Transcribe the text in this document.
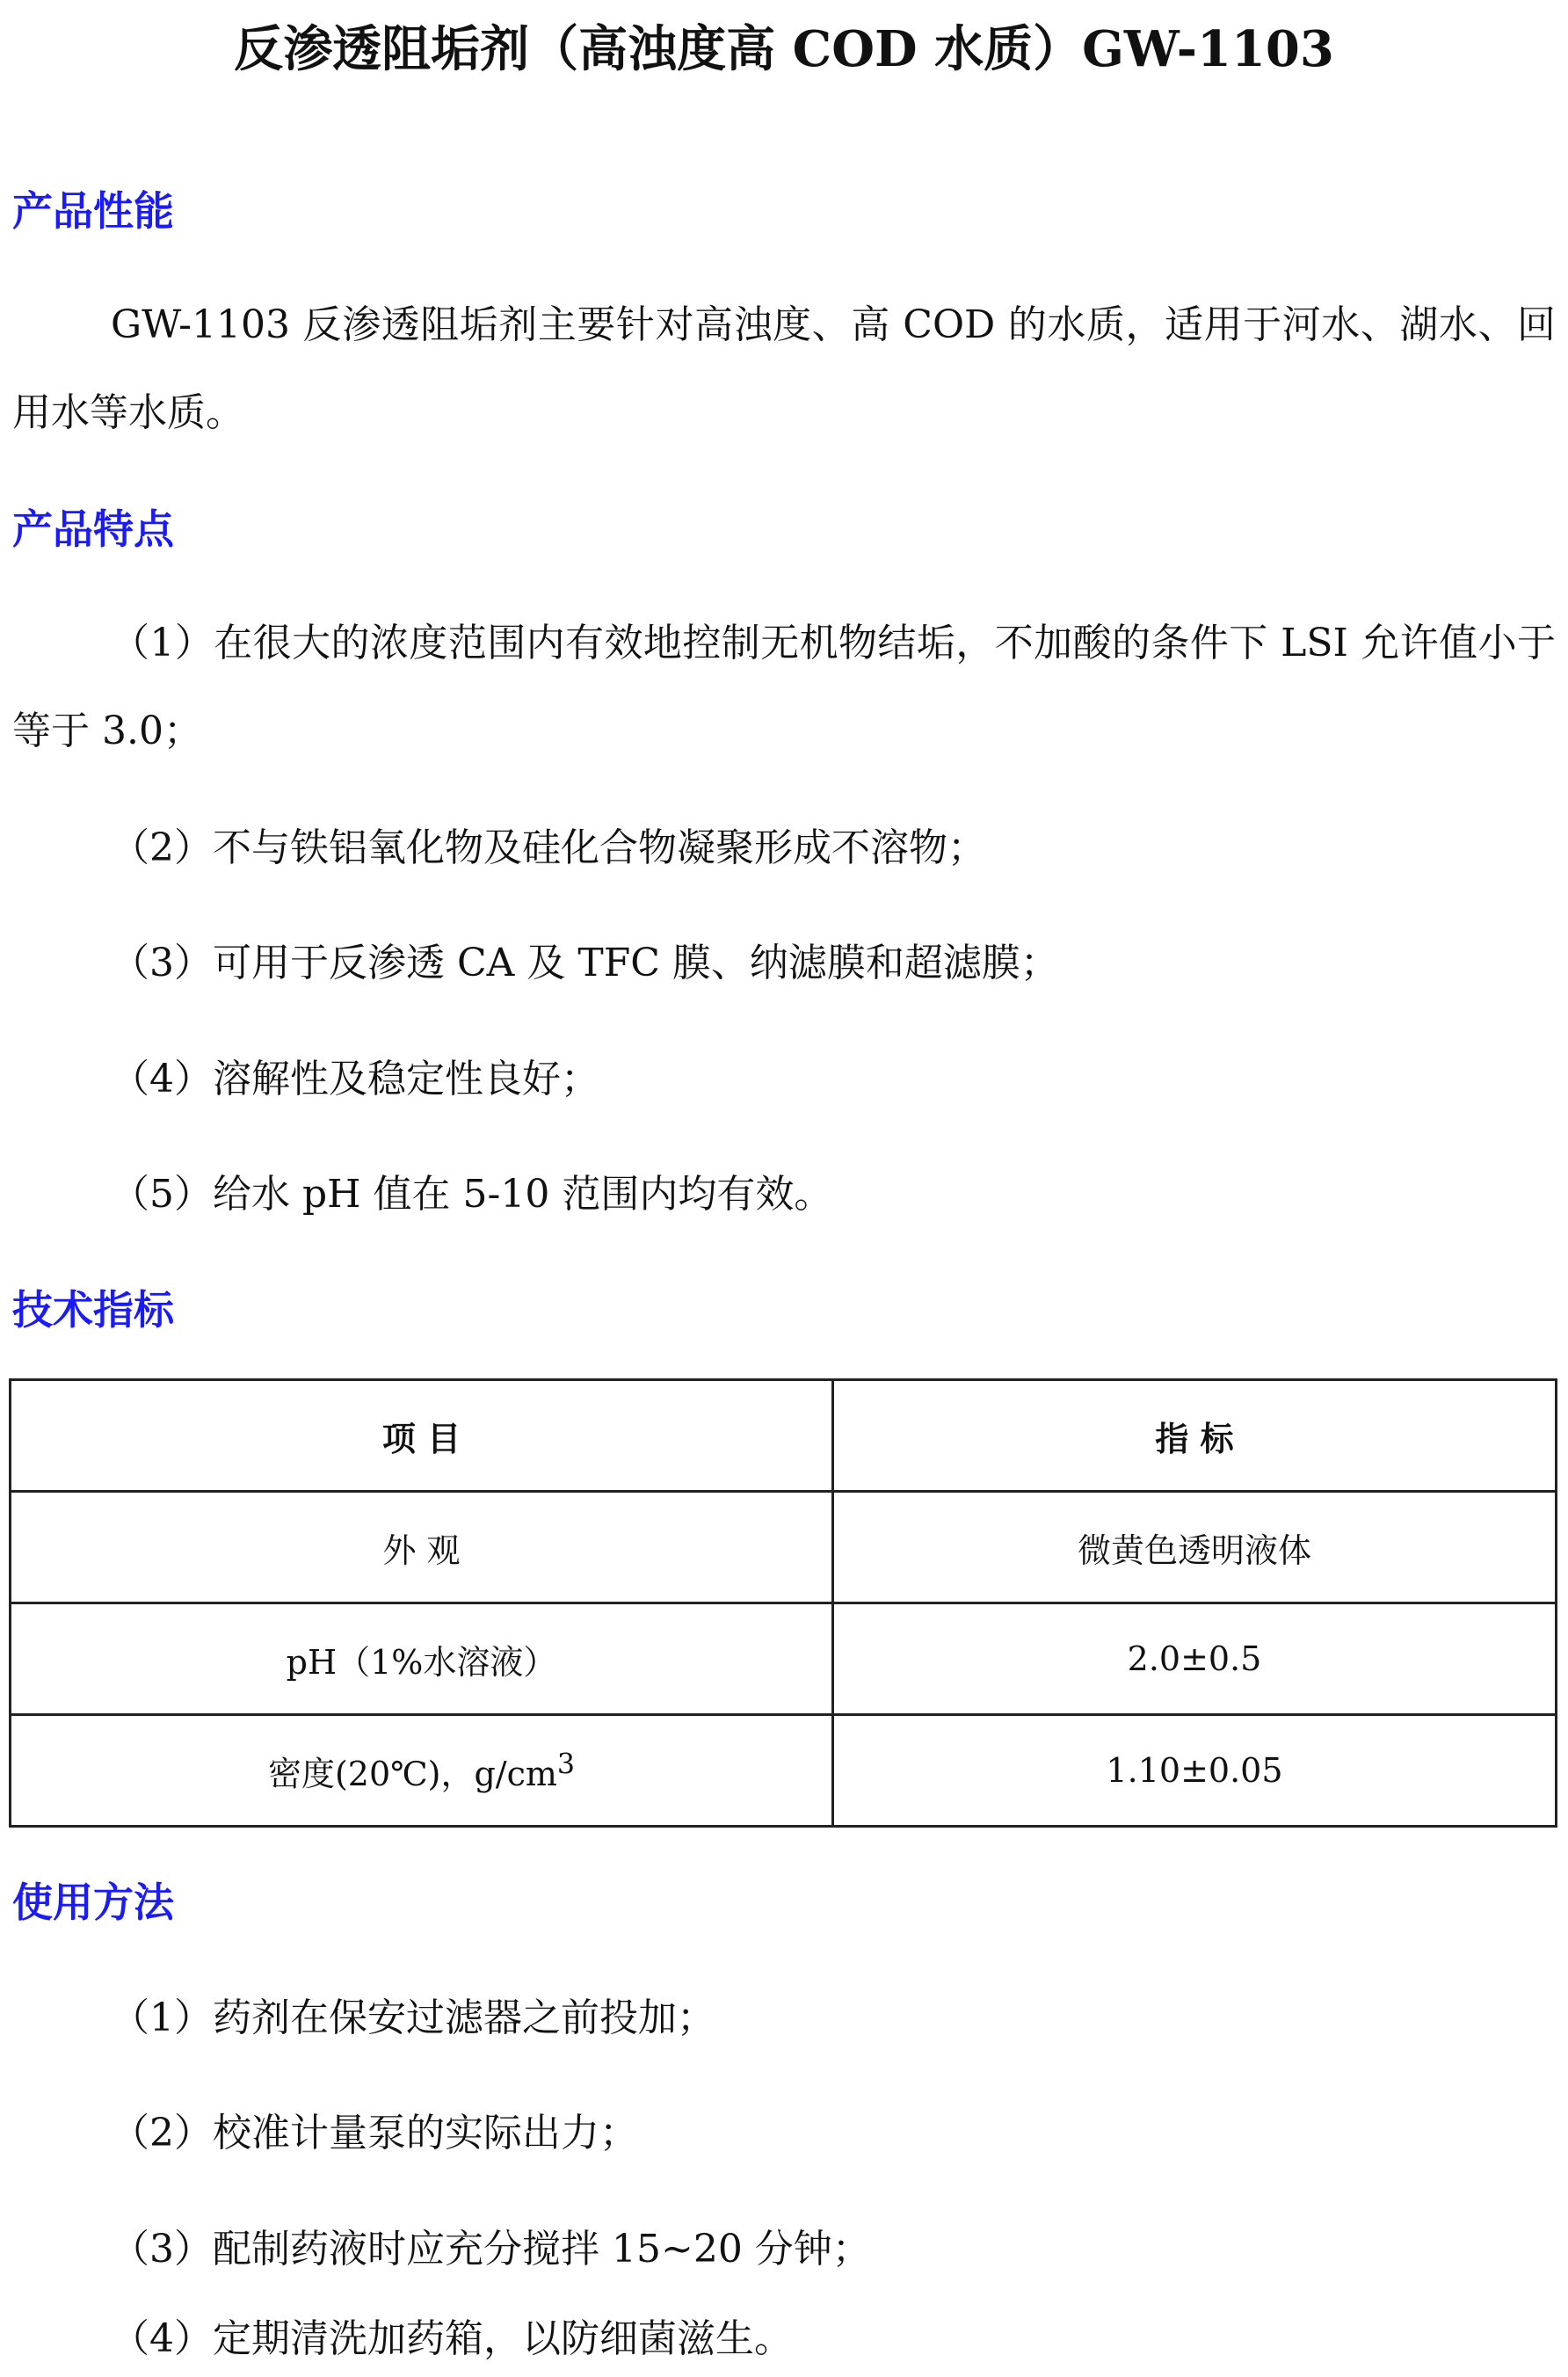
反渗透阻垢剂（高浊度高 COD 水质）GW-1103
产品性能

GW-1103 反渗透阻垢剂主要针对高浊度、高 COD 的水质，适用于河水、湖水、回用水等水质。

产品特点

（1）在很大的浓度范围内有效地控制无机物结垢，不加酸的条件下 LSI 允许值小于等于 3.0；

（2）不与铁铝氧化物及硅化合物凝聚形成不溶物；

（3）可用于反渗透 CA 及 TFC 膜、纳滤膜和超滤膜；

（4）溶解性及稳定性良好；

（5）给水 pH 值在 5-10 范围内均有效。

技术指标
项 目	指 标
外 观	微黄色透明液体
pH（1%水溶液）	2.0±0.5
密度(20℃)，$g/cm^3$	1.10±0.05
使用方法

（1）药剂在保安过滤器之前投加；

（2）校准计量泵的实际出力；

（3）配制药液时应充分搅拌 15~20 分钟；

（4）定期清洗加药箱，以防细菌滋生。
